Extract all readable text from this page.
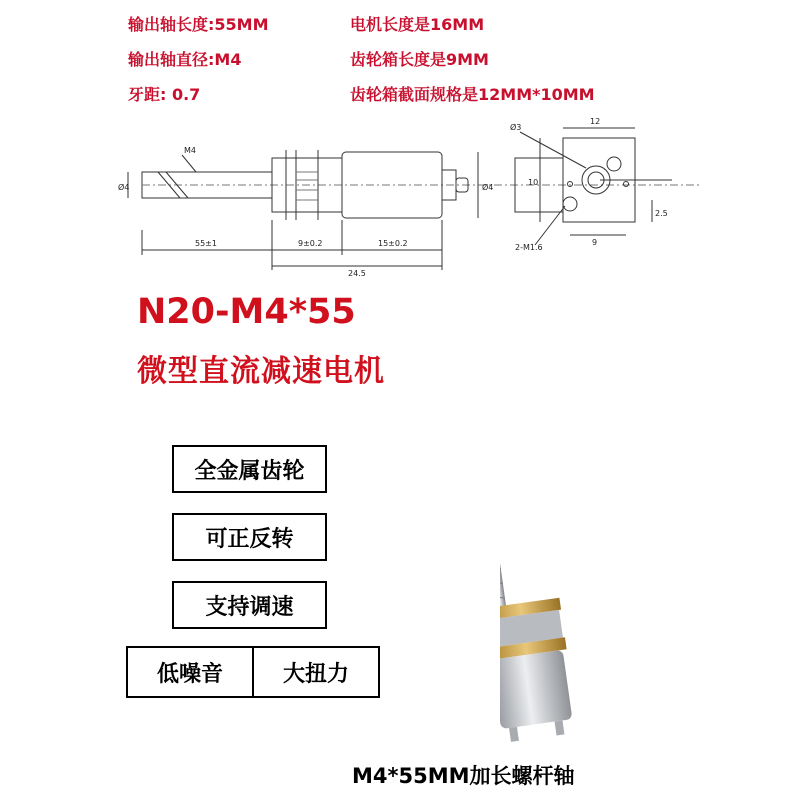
输出轴长度:55MM	电机长度是16MM
输出轴直径:M4	齿轮箱长度是9MM
牙距: 0.7	齿轮箱截面规格是12MM*10MM
M4
Ø4	Ø4
55±1	9±0.2	15±0.2
24.5
Ø3
12
10
2.5
9
2-M1.6
N20-M4*55
微型直流减速电机
全金属齿轮
可正反转
支持调速
低噪音	大扭力
M4*55MM加长螺杆轴
